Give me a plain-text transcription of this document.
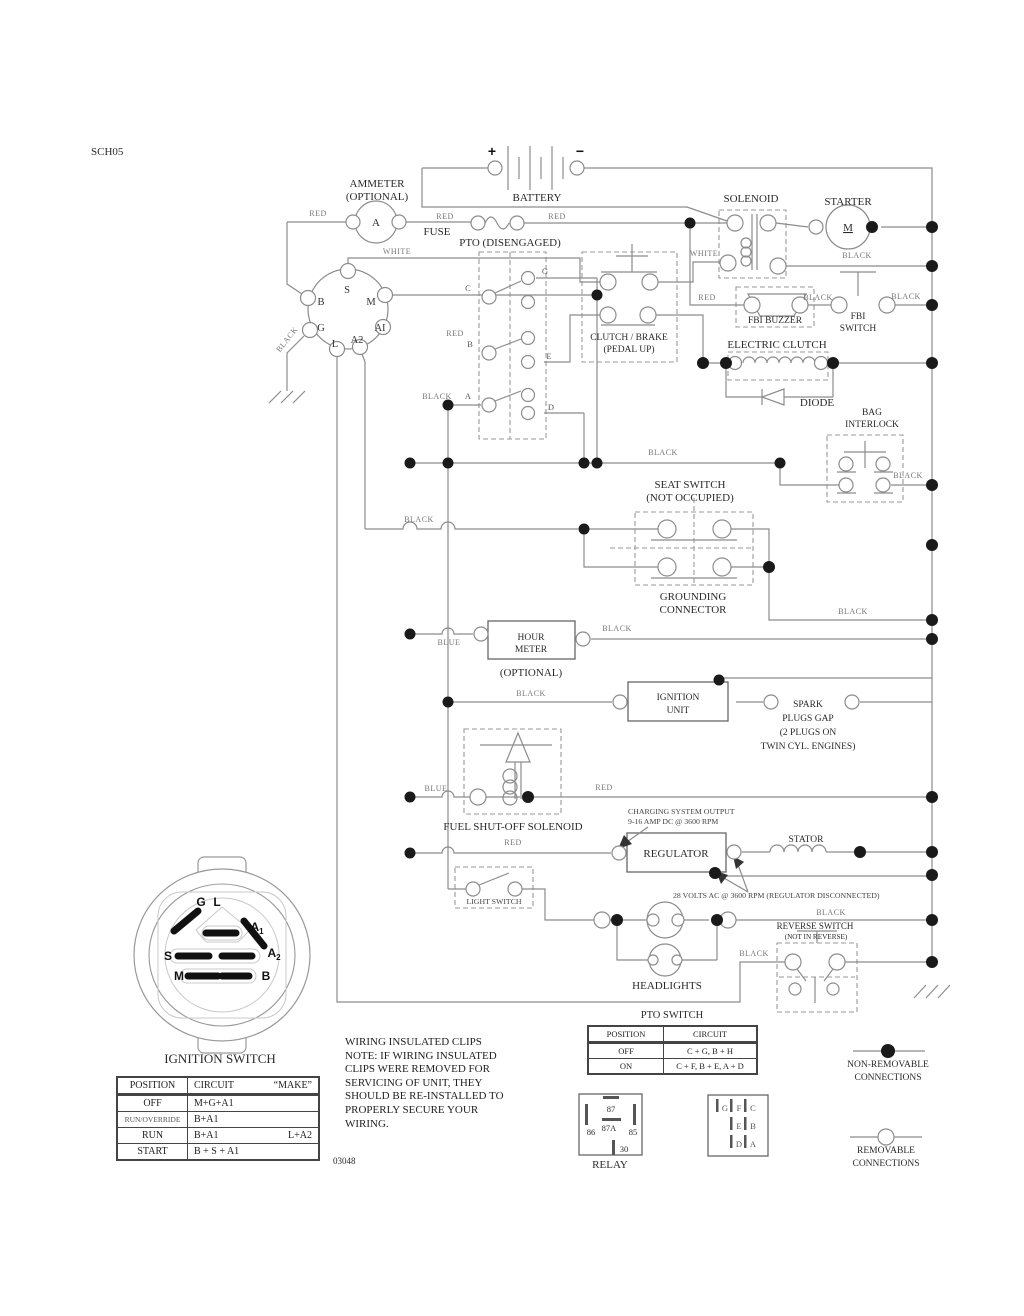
SCH05	+	−
BATTERY
AMMETER
(OPTIONAL)
A
FUSE
SOLENOID	STARTER
M
PTO (DISENGAGED)
CLUTCH / BRAKE
(PEDAL UP)
FBI BUZZER	FBI
SWITCH
ELECTRIC CLUTCH
DIODE
BAG
INTERLOCK
SEAT SWITCH
(NOT OCCUPIED)
GROUNDING
CONNECTOR
HOUR
METER
(OPTIONAL)
IGNITION
UNIT
SPARK
PLUGS GAP
(2 PLUGS ON
TWIN CYL. ENGINES)
FUEL SHUT-OFF SOLENOID
REGULATOR
STATOR
CHARGING SYSTEM OUTPUT
9-16 AMP DC @ 3600 RPM
28 VOLTS AC @ 3600 RPM (REGULATOR DISCONNECTED)
LIGHT SWITCH
HEADLIGHTS
REVERSE SWITCH
(NOT IN REVERSE)
IGNITION SWITCH
RELAY
PTO SWITCH
03048
NON-REMOVABLE
CONNECTIONS
REMOVABLE
CONNECTIONS
87
87A
86	85
30
RED	RED	RED
WHITE	WHITE	BLACK
BLACK
RED	BLACK	BLACK
RED
BLACK
BLACK
BLACK
BLACK
BLACK
BLUE
BLACK
BLACK
BLUE	RED
RED
BLACK
BLACK
C
G
B
E
A
D
S
B	M
G	AI
L A2
G L
$A_1$
$A_2$
S
M	B
G F C
E B
D A
POSITION	CIRCUIT	“MAKE”
OFF	M+G+A1
RUN/OVERRIDE	B+A1
RUN	B+A1	L+A2
START	B + S + A1
POSITION	CIRCUIT
OFF	C + G, B + H
ON	C + F, B + E, A + D
WIRING INSULATED CLIPS
NOTE: IF WIRING INSULATED
CLIPS WERE REMOVED FOR
SERVICING OF UNIT, THEY
SHOULD BE RE-INSTALLED TO
PROPERLY SECURE YOUR
WIRING.
